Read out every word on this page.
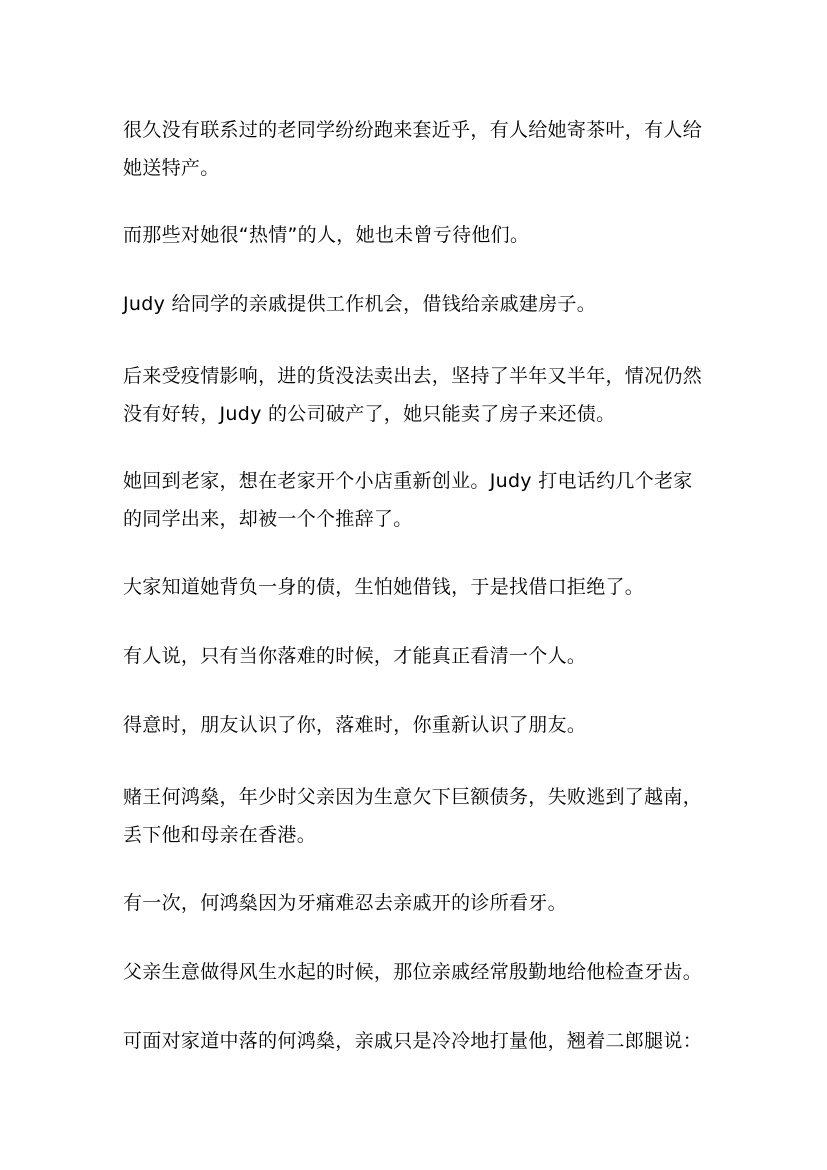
很久没有联系过的老同学纷纷跑来套近乎，有人给她寄茶叶，有人给
她送特产。

而那些对她很“热情”的人，她也未曾亏待他们。

Judy 给同学的亲戚提供工作机会，借钱给亲戚建房子。

后来受疫情影响，进的货没法卖出去，坚持了半年又半年，情况仍然
没有好转，Judy 的公司破产了，她只能卖了房子来还债。

她回到老家，想在老家开个小店重新创业。Judy 打电话约几个老家
的同学出来，却被一个个推辞了。

大家知道她背负一身的债，生怕她借钱，于是找借口拒绝了。

有人说，只有当你落难的时候，才能真正看清一个人。

得意时，朋友认识了你，落难时，你重新认识了朋友。

赌王何鸿燊，年少时父亲因为生意欠下巨额债务，失败逃到了越南，
丢下他和母亲在香港。

有一次，何鸿燊因为牙痛难忍去亲戚开的诊所看牙。

父亲生意做得风生水起的时候，那位亲戚经常殷勤地给他检查牙齿。

可面对家道中落的何鸿燊，亲戚只是冷冷地打量他，翘着二郎腿说：
